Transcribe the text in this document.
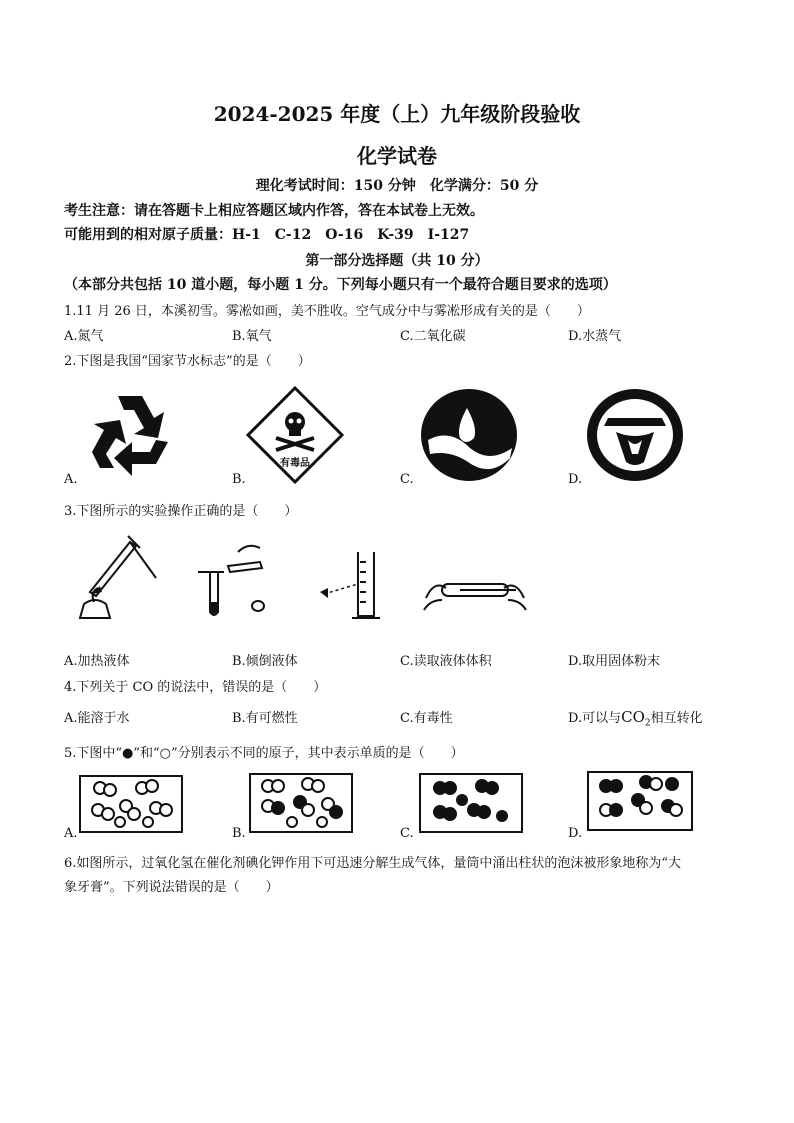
2024-2025 年度（上）九年级阶段验收
化学试卷
理化考试时间：150 分钟　化学满分：50 分
考生注意：请在答题卡上相应答题区域内作答，答在本试卷上无效。
可能用到的相对原子质量：H-1　C-12　O-16　K-39　I-127
第一部分选择题（共 10 分）
（本部分共包括 10 道小题，每小题 1 分。下列每小题只有一个最符合题目要求的选项）
1.11 月 26 日，本溪初雪。雾凇如画，美不胜收。空气成分中与雾凇形成有关的是（　　）
A.氮气	B.氧气	C.二氧化碳	D.水蒸气
2.下图是我国“国家节水标志”的是（　　）
A.
有毒品
B.	C.	D.
3.下图所示的实验操作正确的是（　　）
A.加热液体	B.倾倒液体	C.读取液体体积	D.取用固体粉末
4.下列关于 CO 的说法中，错误的是（　　）
A.能溶于水	B.有可燃性	C.有毒性	D.可以与$CO_2$相互转化
5.下图中“●”和“○”分别表示不同的原子，其中表示单质的是（　　）
A.	B.	C.	D.
6.如图所示，过氧化氢在催化剂碘化钾作用下可迅速分解生成气体，量筒中涌出柱状的泡沫被形象地称为“大
象牙膏”。下列说法错误的是（　　）
